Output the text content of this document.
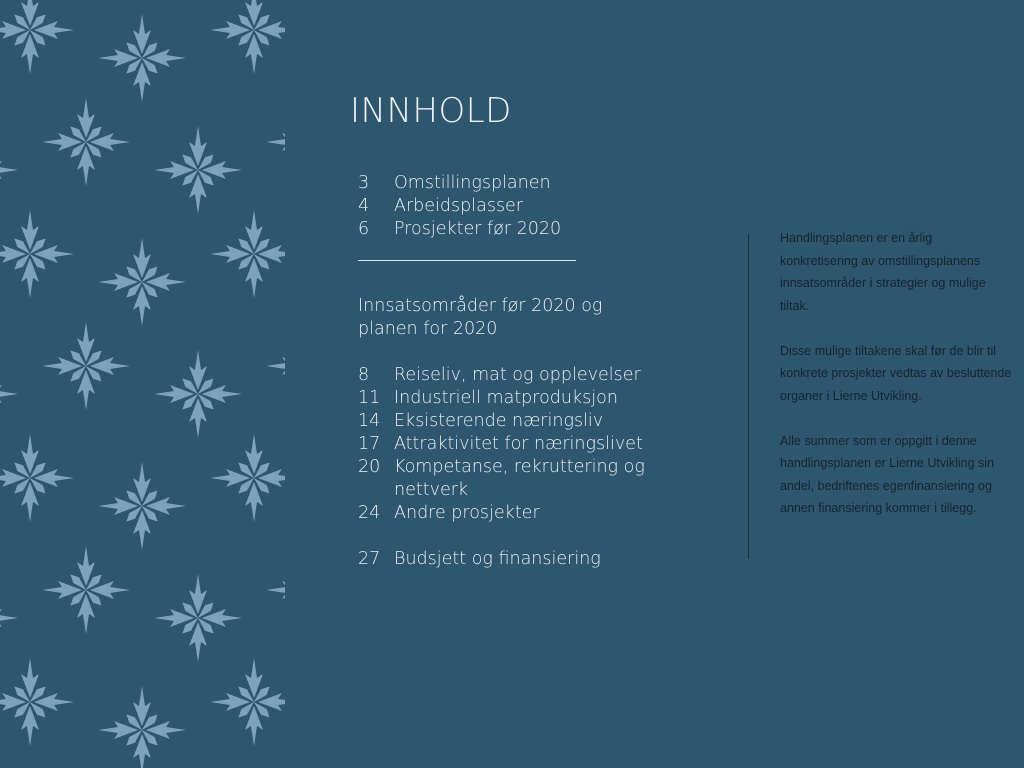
INNHOLD
3	Omstillingsplanen
4	Arbeidsplasser
6	Prosjekter før 2020
Innsatsområder før 2020 og planen for 2020
8	Reiseliv, mat og opplevelser
11 Industriell matproduksjon
14 Eksisterende næringsliv
17 Attraktivitet for næringslivet
20 Kompetanse, rekruttering og nettverk
24 Andre prosjekter
27 Budsjett og finansiering

Handlingsplanen er en årlig konkretisering av omstillingsplanens innsatsområder i strategier og mulige tiltak.

Disse mulige tiltakene skal før de blir til konkrete prosjekter vedtas av besluttende organer i Lierne Utvikling.

Alle summer som er oppgitt i denne handlingsplanen er Lierne Utvikling sin andel, bedriftenes egenfinansiering og annen finansiering kommer i tillegg.
